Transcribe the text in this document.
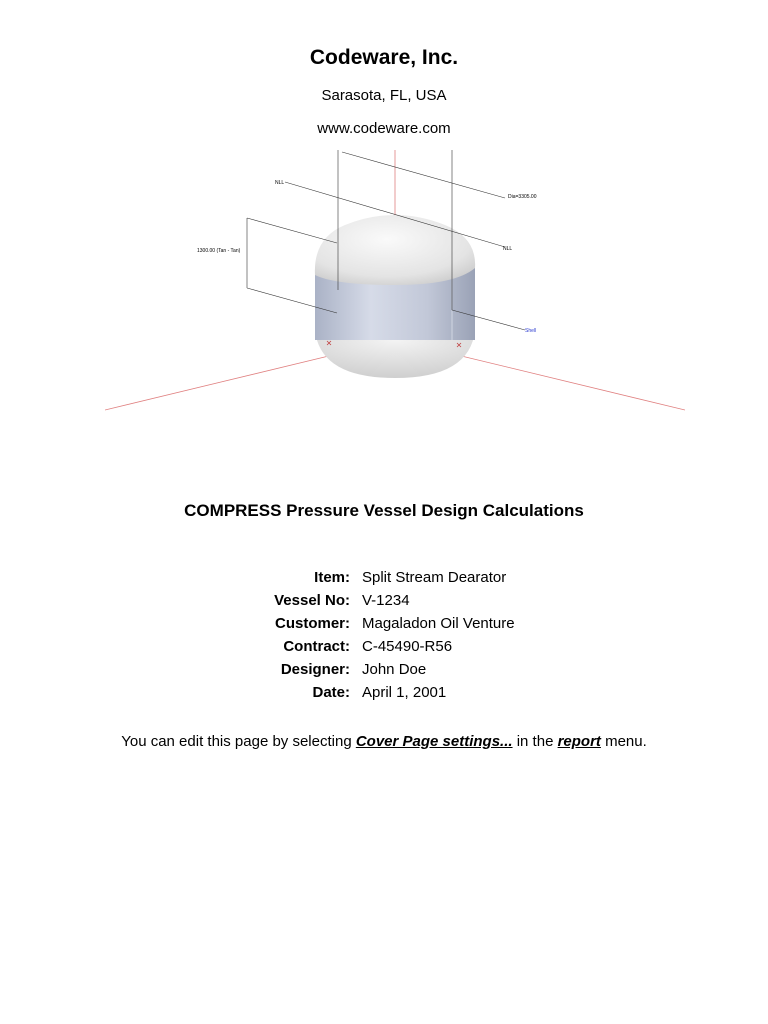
Codeware, Inc.
Sarasota, FL, USA
www.codeware.com
NLL
Dia=3305.00
NLL
1300.00 (Tan - Tan)
Shell
COMPRESS Pressure Vessel Design Calculations
Item:	Split Stream Dearator
Vessel No:	V-1234
Customer:	Magaladon Oil Venture
Contract:	C-45490-R56
Designer:	John Doe
Date:	April 1, 2001
You can edit this page by selecting Cover Page settings... in the report menu.
